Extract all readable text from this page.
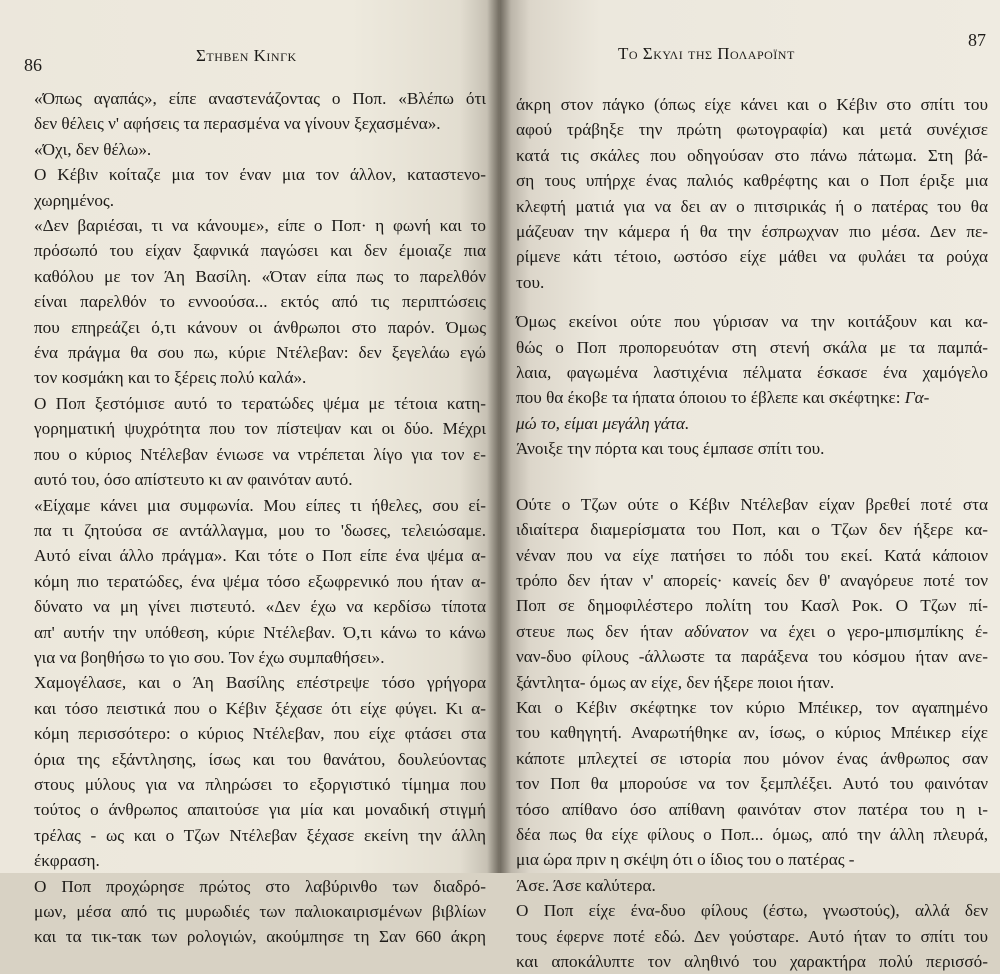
86	Στηβεν Κινγκ
«Όπως αγαπάς», είπε αναστενάζοντας ο Ποπ. «Βλέπω ότι
δεν θέλεις ν' αφήσεις τα περασμένα να γίνουν ξεχασμένα».
«Όχι, δεν θέλω».
Ο Κέβιν κοίταζε μια τον έναν μια τον άλλον, καταστενο-
χωρημένος.
«Δεν βαριέσαι, τι να κάνουμε», είπε ο Ποπ· η φωνή και το
πρόσωπό του είχαν ξαφνικά παγώσει και δεν έμοιαζε πια
καθόλου με τον Άη Βασίλη. «Όταν είπα πως το παρελθόν
είναι παρελθόν το εννοούσα... εκτός από τις περιπτώσεις
που επηρεάζει ό,τι κάνουν οι άνθρωποι στο παρόν. Όμως
ένα πράγμα θα σου πω, κύριε Ντέλεβαν: δεν ξεγελάω εγώ
τον κοσμάκη και το ξέρεις πολύ καλά».
Ο Ποπ ξεστόμισε αυτό το τερατώδες ψέμα με τέτοια κατη-
γορηματική ψυχρότητα που τον πίστεψαν και οι δύο. Μέχρι
που ο κύριος Ντέλεβαν ένιωσε να ντρέπεται λίγο για τον ε-
αυτό του, όσο απίστευτο κι αν φαινόταν αυτό.
«Είχαμε κάνει μια συμφωνία. Μου είπες τι ήθελες, σου εί-
πα τι ζητούσα σε αντάλλαγμα, μου το 'δωσες, τελειώσαμε.
Αυτό είναι άλλο πράγμα». Και τότε ο Ποπ είπε ένα ψέμα α-
κόμη πιο τερατώδες, ένα ψέμα τόσο εξωφρενικό που ήταν α-
δύνατο να μη γίνει πιστευτό. «Δεν έχω να κερδίσω τίποτα
απ' αυτήν την υπόθεση, κύριε Ντέλεβαν. Ό,τι κάνω το κάνω
για να βοηθήσω το γιο σου. Τον έχω συμπαθήσει».
Χαμογέλασε, και ο Άη Βασίλης επέστρεψε τόσο γρήγορα
και τόσο πειστικά που ο Κέβιν ξέχασε ότι είχε φύγει. Κι α-
κόμη περισσότερο: ο κύριος Ντέλεβαν, που είχε φτάσει στα
όρια της εξάντλησης, ίσως και του θανάτου, δουλεύοντας
στους μύλους για να πληρώσει το εξοργιστικό τίμημα που
τούτος ο άνθρωπος απαιτούσε για μία και μοναδική στιγμή
τρέλας - ως και ο Τζων Ντέλεβαν ξέχασε εκείνη την άλλη
έκφραση.
Ο Ποπ προχώρησε πρώτος στο λαβύρινθο των διαδρό-
μων, μέσα από τις μυρωδιές των παλιοκαιρισμένων βιβλίων
και τα τικ-τακ των ρολογιών, ακούμπησε τη Σαν 660 άκρη
87
Το Σκυλι της Πολαροϊντ
άκρη στον πάγκο (όπως είχε κάνει και ο Κέβιν στο σπίτι του
αφού τράβηξε την πρώτη φωτογραφία) και μετά συνέχισε
κατά τις σκάλες που οδηγούσαν στο πάνω πάτωμα. Στη βά-
ση τους υπήρχε ένας παλιός καθρέφτης και ο Ποπ έριξε μια
κλεφτή ματιά για να δει αν ο πιτσιρικάς ή ο πατέρας του θα
μάζευαν την κάμερα ή θα την έσπρωχναν πιο μέσα. Δεν πε-
ρίμενε κάτι τέτοιο, ωστόσο είχε μάθει να φυλάει τα ρούχα
του.
Όμως εκείνοι ούτε που γύρισαν να την κοιτάξουν και κα-
θώς ο Ποπ προπορευόταν στη στενή σκάλα με τα παμπά-
λαια, φαγωμένα λαστιχένια πέλματα έσκασε ένα χαμόγελο
που θα έκοβε τα ήπατα όποιου το έβλεπε και σκέφτηκε: Γα-
μώ το, είμαι μεγάλη γάτα.
Άνοιξε την πόρτα και τους έμπασε σπίτι του.
Ούτε ο Τζων ούτε ο Κέβιν Ντέλεβαν είχαν βρεθεί ποτέ στα
ιδιαίτερα διαμερίσματα του Ποπ, και ο Τζων δεν ήξερε κα-
νέναν που να είχε πατήσει το πόδι του εκεί. Κατά κάποιον
τρόπο δεν ήταν ν' απορείς· κανείς δεν θ' αναγόρευε ποτέ τον
Ποπ σε δημοφιλέστερο πολίτη του Κασλ Ροκ. Ο Τζων πί-
στευε πως δεν ήταν αδύνατον να έχει ο γερο-μπισμπίκης έ-
ναν-δυο φίλους -άλλωστε τα παράξενα του κόσμου ήταν ανε-
ξάντλητα- όμως αν είχε, δεν ήξερε ποιοι ήταν.
Και ο Κέβιν σκέφτηκε τον κύριο Μπέικερ, τον αγαπημένο
του καθηγητή. Αναρωτήθηκε αν, ίσως, ο κύριος Μπέικερ είχε
κάποτε μπλεχτεί σε ιστορία που μόνον ένας άνθρωπος σαν
τον Ποπ θα μπορούσε να τον ξεμπλέξει. Αυτό του φαινόταν
τόσο απίθανο όσο απίθανη φαινόταν στον πατέρα του η ι-
δέα πως θα είχε φίλους ο Ποπ... όμως, από την άλλη πλευρά,
μια ώρα πριν η σκέψη ότι ο ίδιος του ο πατέρας -
Άσε. Άσε καλύτερα.
Ο Ποπ είχε ένα-δυο φίλους (έστω, γνωστούς), αλλά δεν
τους έφερνε ποτέ εδώ. Δεν γούσταρε. Αυτό ήταν το σπίτι του
και αποκάλυπτε τον αληθινό του χαρακτήρα πολύ περισσό-
